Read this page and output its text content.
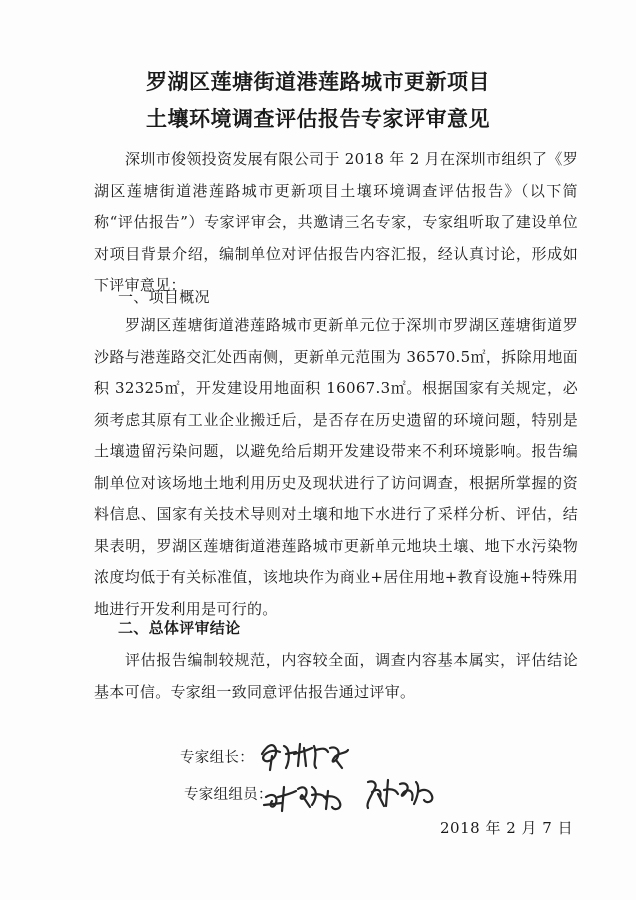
罗湖区莲塘街道港莲路城市更新项目
土壤环境调查评估报告专家评审意见

深圳市俊领投资发展有限公司于 2018 年 2 月在深圳市组织了《罗湖区莲塘街道港莲路城市更新项目土壤环境调查评估报告》（以下简称“评估报告”）专家评审会，共邀请三名专家，专家组听取了建设单位对项目背景介绍，编制单位对评估报告内容汇报，经认真讨论，形成如下评审意见：

一、项目概况

罗湖区莲塘街道港莲路城市更新单元位于深圳市罗湖区莲塘街道罗沙路与港莲路交汇处西南侧，更新单元范围为 36570.5㎡，拆除用地面积 32325㎡，开发建设用地面积 16067.3㎡。根据国家有关规定，必须考虑其原有工业企业搬迁后，是否存在历史遗留的环境问题，特别是土壤遗留污染问题，以避免给后期开发建设带来不利环境影响。报告编制单位对该场地土地利用历史及现状进行了访问调查，根据所掌握的资料信息、国家有关技术导则对土壤和地下水进行了采样分析、评估，结果表明，罗湖区莲塘街道港莲路城市更新单元地块土壤、地下水污染物浓度均低于有关标准值，该地块作为商业+居住用地+教育设施+特殊用地进行开发利用是可行的。

二、总体评审结论

评估报告编制较规范，内容较全面，调查内容基本属实，评估结论基本可信。专家组一致同意评估报告通过评审。

专家组长：
专家组组员：
2018 年 2 月 7 日
